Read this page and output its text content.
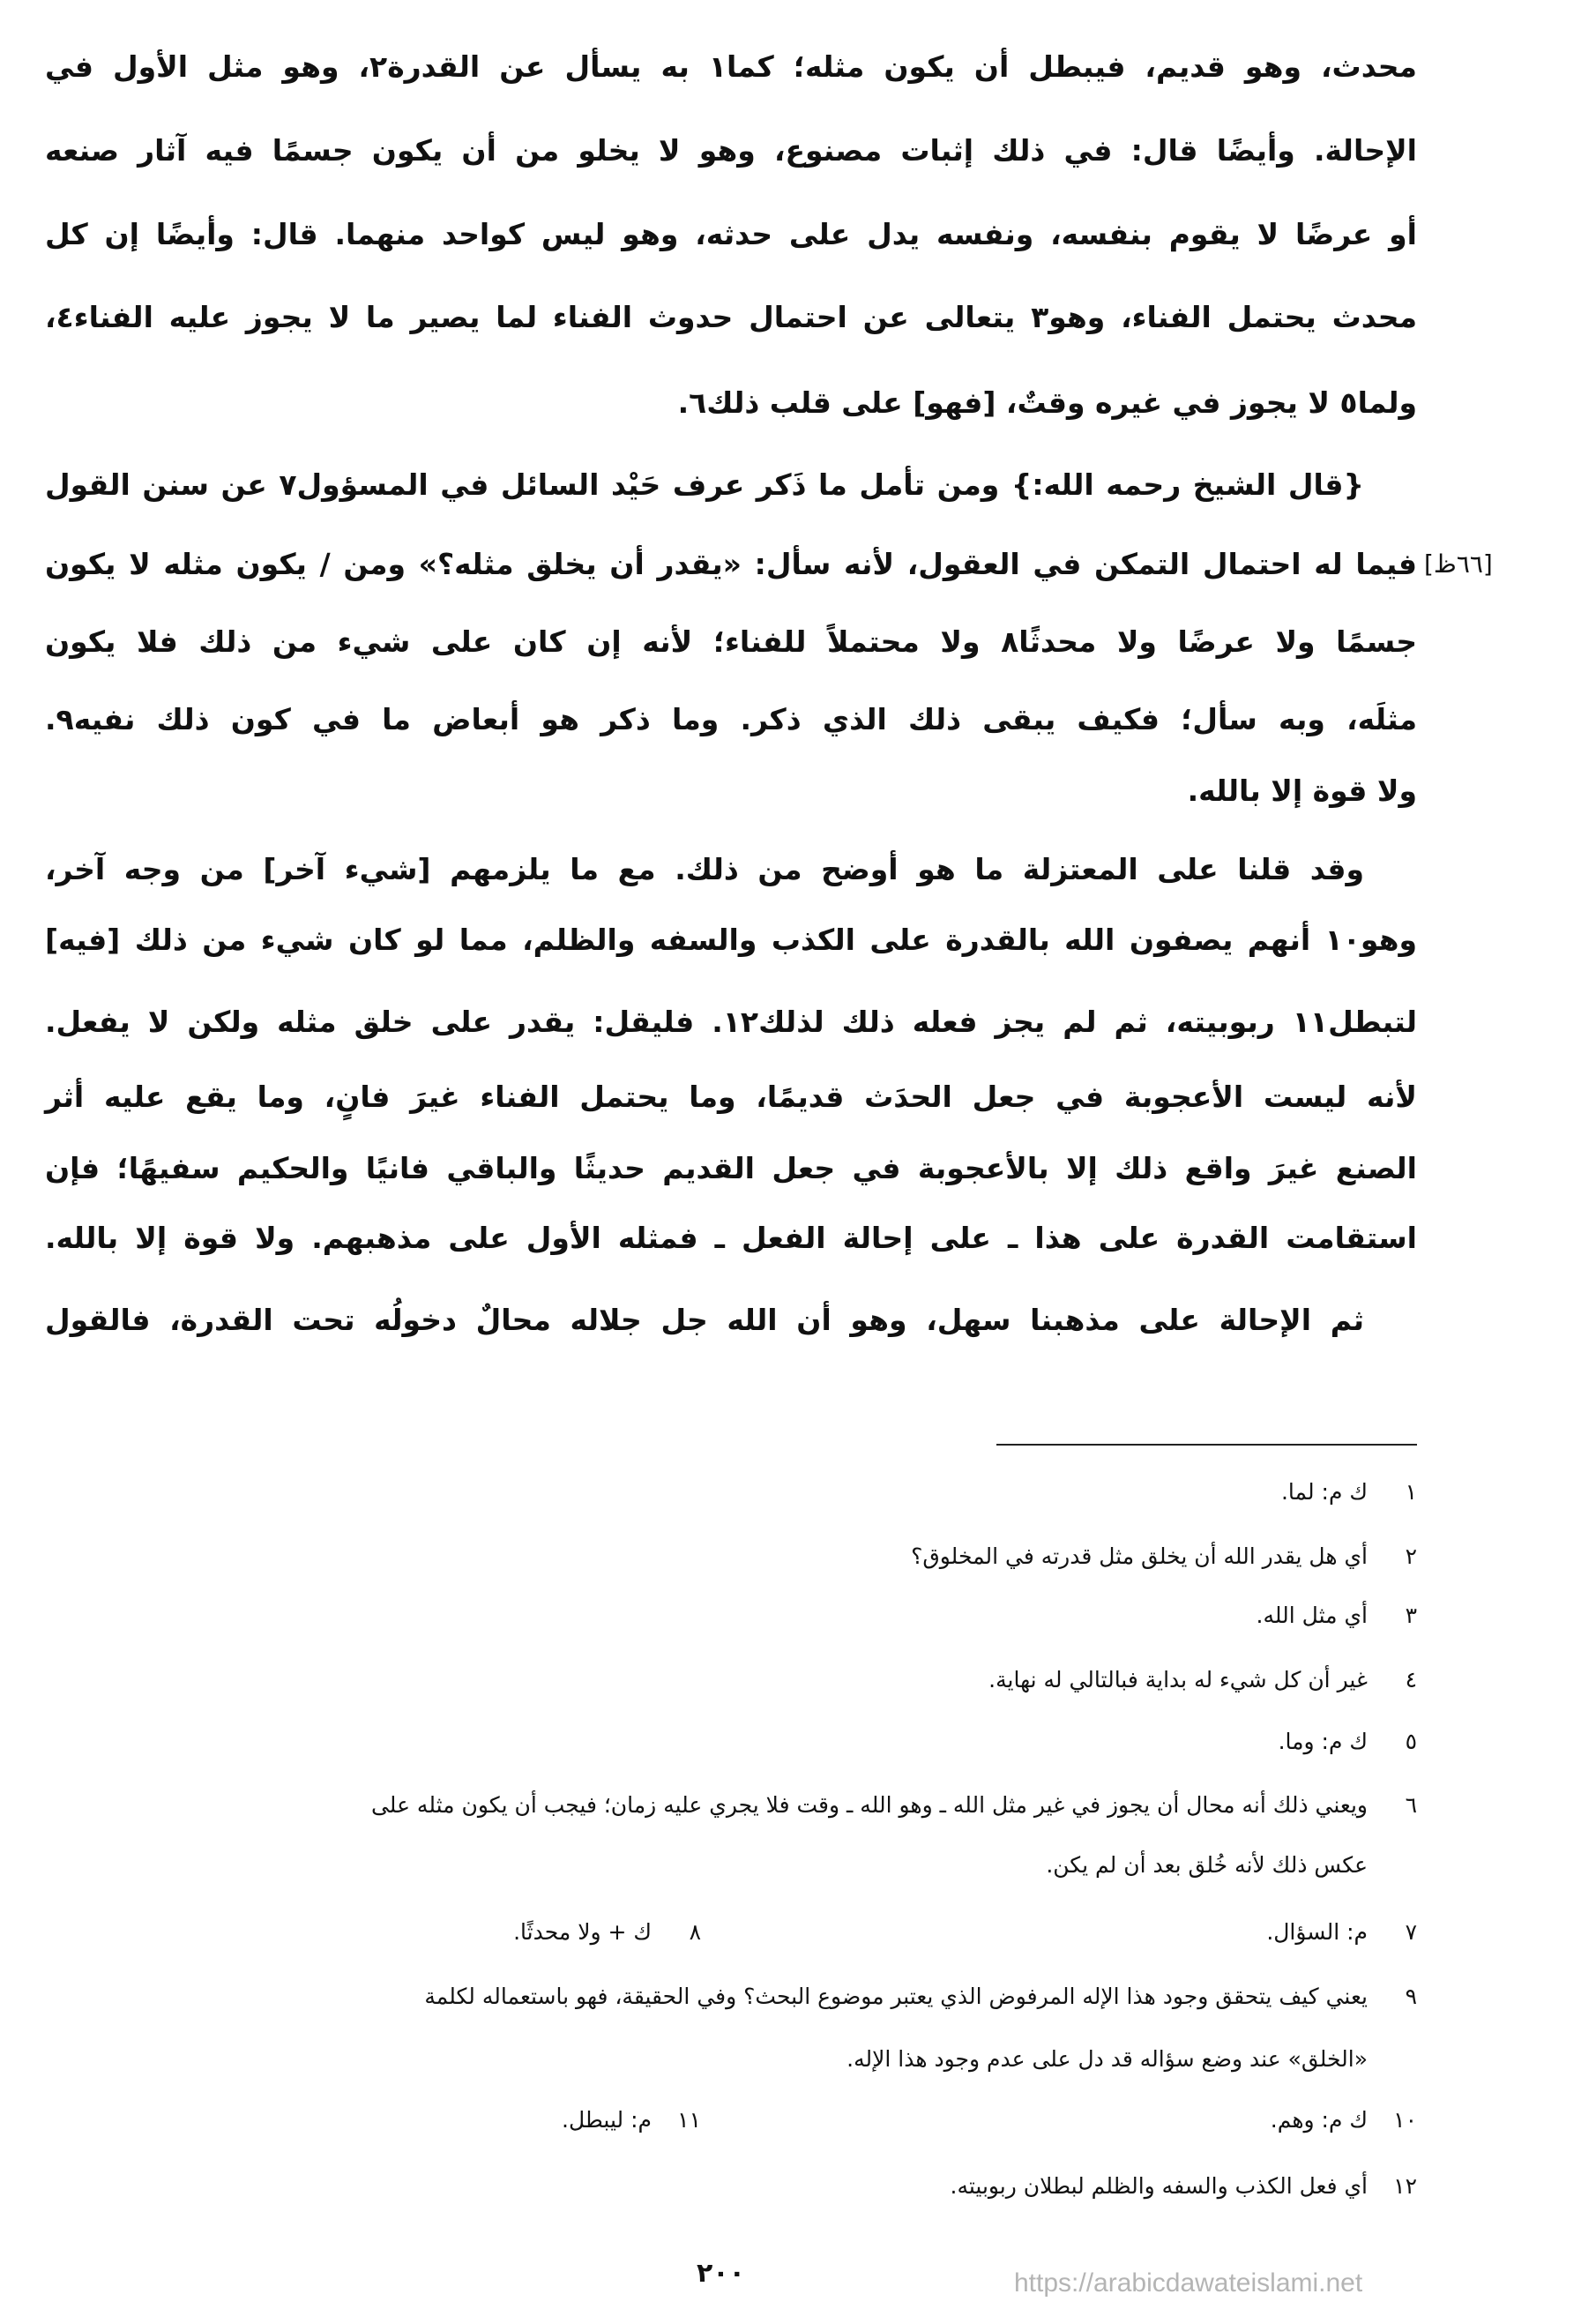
محدث، وهو قديم، فيبطل أن يكون مثله؛ كما١ به يسأل عن القدرة٢، وهو مثل الأول في
الإحالة. وأيضًا قال: في ذلك إثبات مصنوع، وهو لا يخلو من أن يكون جسمًا فيه آثار صنعه
أو عرضًا لا يقوم بنفسه، ونفسه يدل على حدثه، وهو ليس كواحد منهما. قال: وأيضًا إن كل
محدث يحتمل الفناء، وهو٣ يتعالى عن احتمال حدوث الفناء لما يصير ما لا يجوز عليه الفناء٤،
ولما٥ لا يجوز في غيره وقتٌ، [فهو] على قلب ذلك٦.
{قال الشيخ رحمه الله:} ومن تأمل ما ذَكر عرف حَيْد السائل في المسؤول٧ عن سنن القول
فيما له احتمال التمكن في العقول، لأنه سأل: «يقدر أن يخلق مثله؟» ومن / يكون مثله لا يكون
جسمًا ولا عرضًا ولا محدثًا٨ ولا محتملاً للفناء؛ لأنه إن كان على شيء من ذلك فلا يكون
مثلَه، وبه سأل؛ فكيف يبقى ذلك الذي ذكر. وما ذكر هو أبعاض ما في كون ذلك نفيه٩.
ولا قوة إلا بالله.
وقد قلنا على المعتزلة ما هو أوضح من ذلك. مع ما يلزمهم [شيء آخر] من وجه آخر،
وهو١٠ أنهم يصفون الله بالقدرة على الكذب والسفه والظلم، مما لو كان شيء من ذلك [فيه]
لتبطل١١ ربوبيته، ثم لم يجز فعله ذلك لذلك١٢. فليقل: يقدر على خلق مثله ولكن لا يفعل.
لأنه ليست الأعجوبة في جعل الحدَث قديمًا، وما يحتمل الفناء غيرَ فانٍ، وما يقع عليه أثر
الصنع غيرَ واقع ذلك إلا بالأعجوبة في جعل القديم حديثًا والباقي فانيًا والحكيم سفيهًا؛ فإن
استقامت القدرة على هذا ـ على إحالة الفعل ـ فمثله الأول على مذهبهم. ولا قوة إلا بالله.
ثم الإحالة على مذهبنا سهل، وهو أن الله جل جلاله محالٌ دخولُه تحت القدرة، فالقول
[٦٦ظ]
١ك م: لما.
٢أي هل يقدر الله أن يخلق مثل قدرته في المخلوق؟
٣أي مثل الله.
٤غير أن كل شيء له بداية فبالتالي له نهاية.
٥ك م: وما.
٦ويعني ذلك أنه محال أن يجوز في غير مثل الله ـ وهو الله ـ وقت فلا يجري عليه زمان؛ فيجب أن يكون مثله على
عكس ذلك لأنه خُلق بعد أن لم يكن.
٧م: السؤال.
٨ك + ولا محدثًا.
٩يعني كيف يتحقق وجود هذا الإله المرفوض الذي يعتبر موضوع البحث؟ وفي الحقيقة، فهو باستعماله لكلمة
«الخلق» عند وضع سؤاله قد دل على عدم وجود هذا الإله.
١٠ك م: وهم.
١١م: ليبطل.
١٢أي فعل الكذب والسفه والظلم لبطلان ربوبيته.
٢٠٠	https://arabicdawateislami.net
